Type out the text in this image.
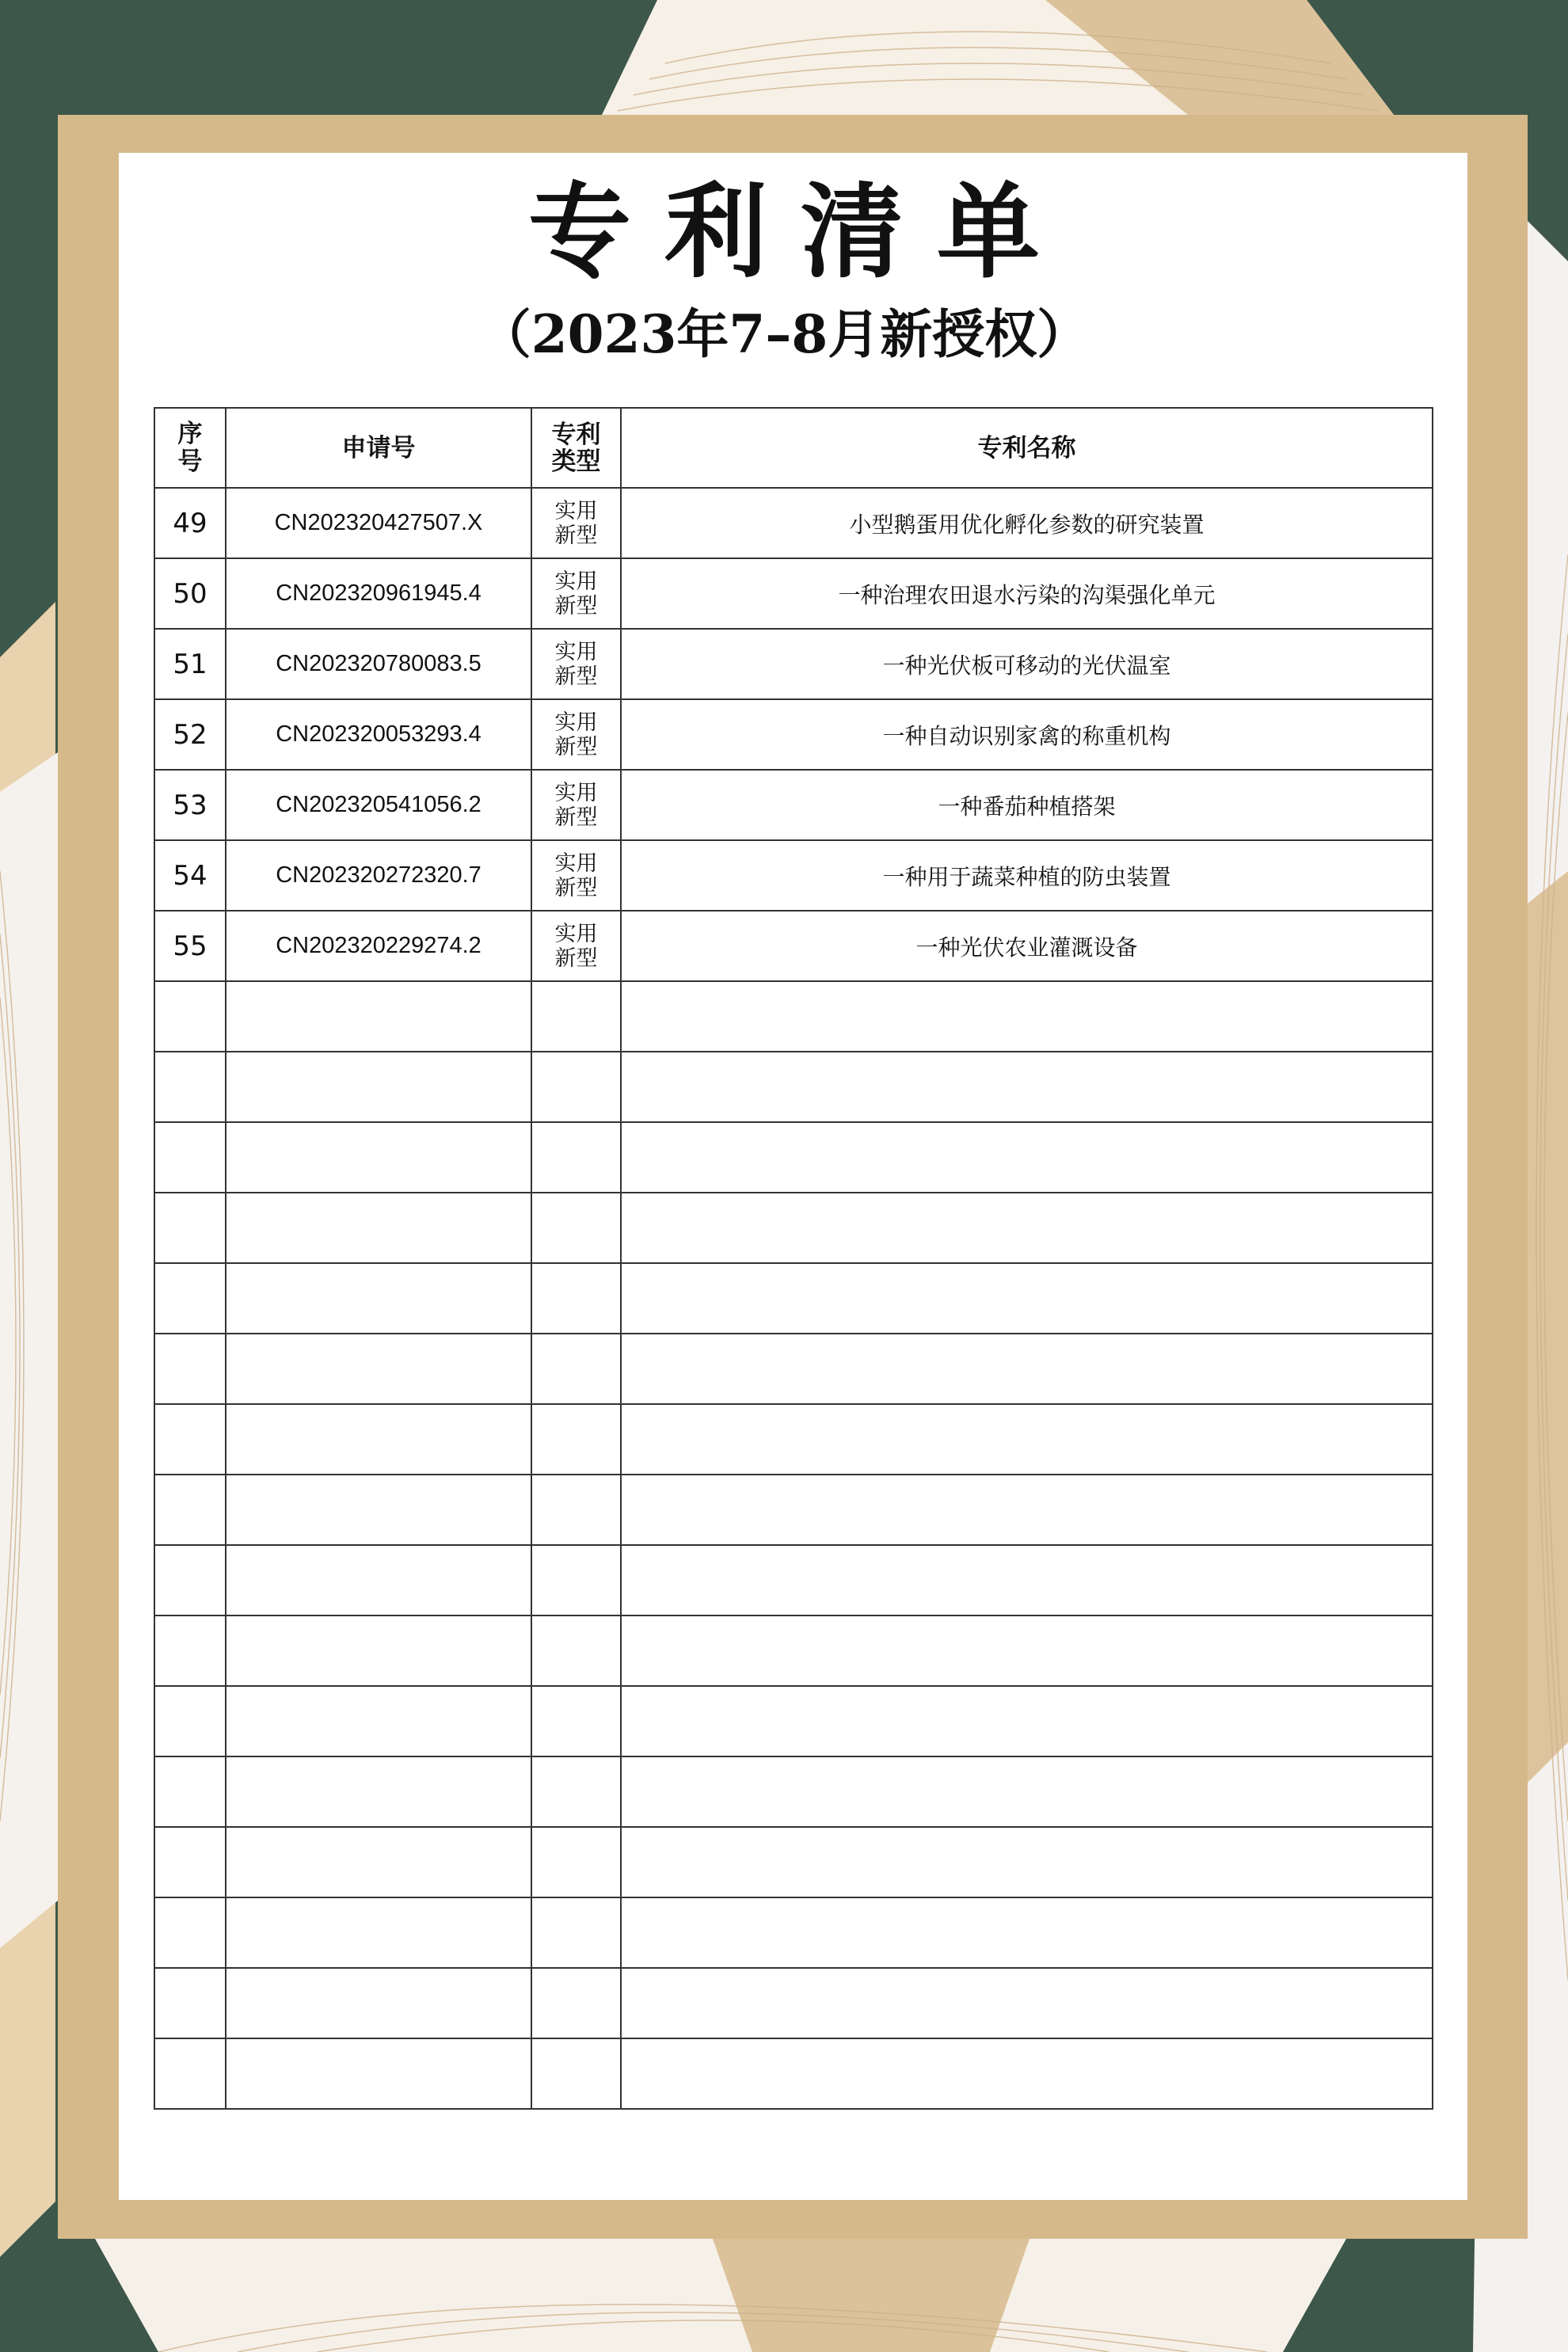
专利清单
（2023年7–8月新授权）
序号	申请号	专利类型	专利名称
49	CN202320427507.X	实用新型	小型鹅蛋用优化孵化参数的研究装置
50	CN202320961945.4	实用新型	一种治理农田退水污染的沟渠强化单元
51	CN202320780083.5	实用新型	一种光伏板可移动的光伏温室
52	CN202320053293.4	实用新型	一种自动识别家禽的称重机构
53	CN202320541056.2	实用新型	一种番茄种植搭架
54	CN202320272320.7	实用新型	一种用于蔬菜种植的防虫装置
55	CN202320229274.2	实用新型	一种光伏农业灌溉设备
